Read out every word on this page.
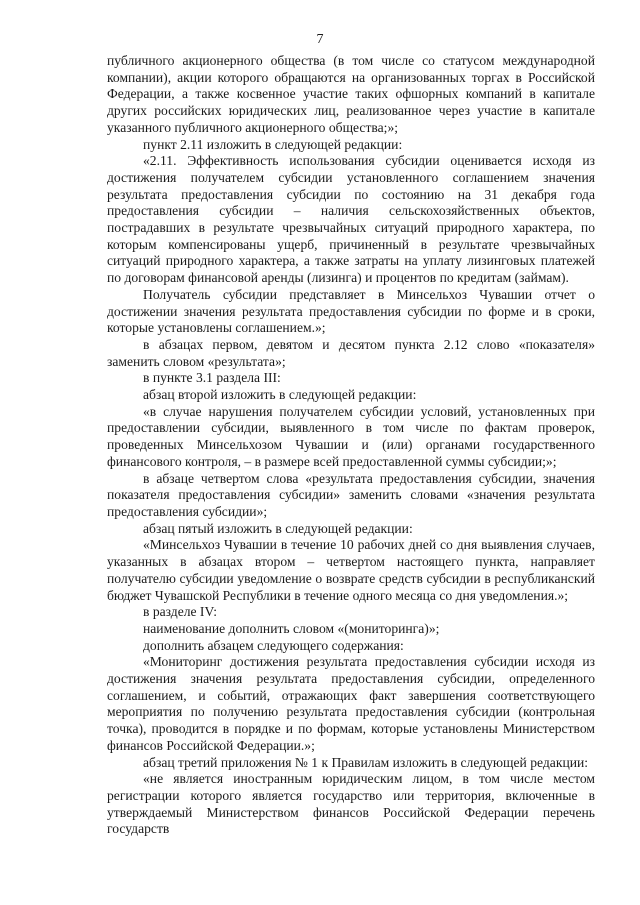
7

публичного акционерного общества (в том числе со статусом международной компании), акции которого обращаются на организованных торгах в Российской Федерации, а также косвенное участие таких офшорных компаний в капитале других российских юридических лиц, реализованное через участие в капитале указанного публичного акционерного общества;»;

пункт 2.11 изложить в следующей редакции:

«2.11. Эффективность использования субсидии оценивается исходя из достижения получателем субсидии установленного соглашением значения результата предоставления субсидии по состоянию на 31 декабря года предоставления субсидии – наличия сельскохозяйственных объектов, пострадавших в результате чрезвычайных ситуаций природного характера, по которым компенсированы ущерб, причиненный в результате чрезвычайных ситуаций природного характера, а также затраты на уплату лизинговых платежей по договорам финансовой аренды (лизинга) и процентов по кредитам (займам).

Получатель субсидии представляет в Минсельхоз Чувашии отчет о достижении значения результата предоставления субсидии по форме и в сроки, которые установлены соглашением.»;

в абзацах первом, девятом и десятом пункта 2.12 слово «показателя» заменить словом «результата»;

в пункте 3.1 раздела III:

абзац второй изложить в следующей редакции:

«в случае нарушения получателем субсидии условий, установленных при предоставлении субсидии, выявленного в том числе по фактам проверок, проведенных Минсельхозом Чувашии и (или) органами государственного финансового контроля, – в размере всей предоставленной суммы субсидии;»;

в абзаце четвертом слова «результата предоставления субсидии, значения показателя предоставления субсидии» заменить словами «значения результата предоставления субсидии»;

абзац пятый изложить в следующей редакции:

«Минсельхоз Чувашии в течение 10 рабочих дней со дня выявления случаев, указанных в абзацах втором – четвертом настоящего пункта, направляет получателю субсидии уведомление о возврате средств субсидии в республиканский бюджет Чувашской Республики в течение одного месяца со дня уведомления.»;

в разделе IV:

наименование дополнить словом «(мониторинга)»;

дополнить абзацем следующего содержания:

«Мониторинг достижения результата предоставления субсидии исходя из достижения значения результата предоставления субсидии, определенного соглашением, и событий, отражающих факт завершения соответствующего мероприятия по получению результата предоставления субсидии (контрольная точка), проводится в порядке и по формам, которые установлены Министерством финансов Российской Федерации.»;

абзац третий приложения № 1 к Правилам изложить в следующей редакции:

«не является иностранным юридическим лицом, в том числе местом регистрации которого является государство или территория, включенные в утверждаемый Министерством финансов Российской Федерации перечень государств
